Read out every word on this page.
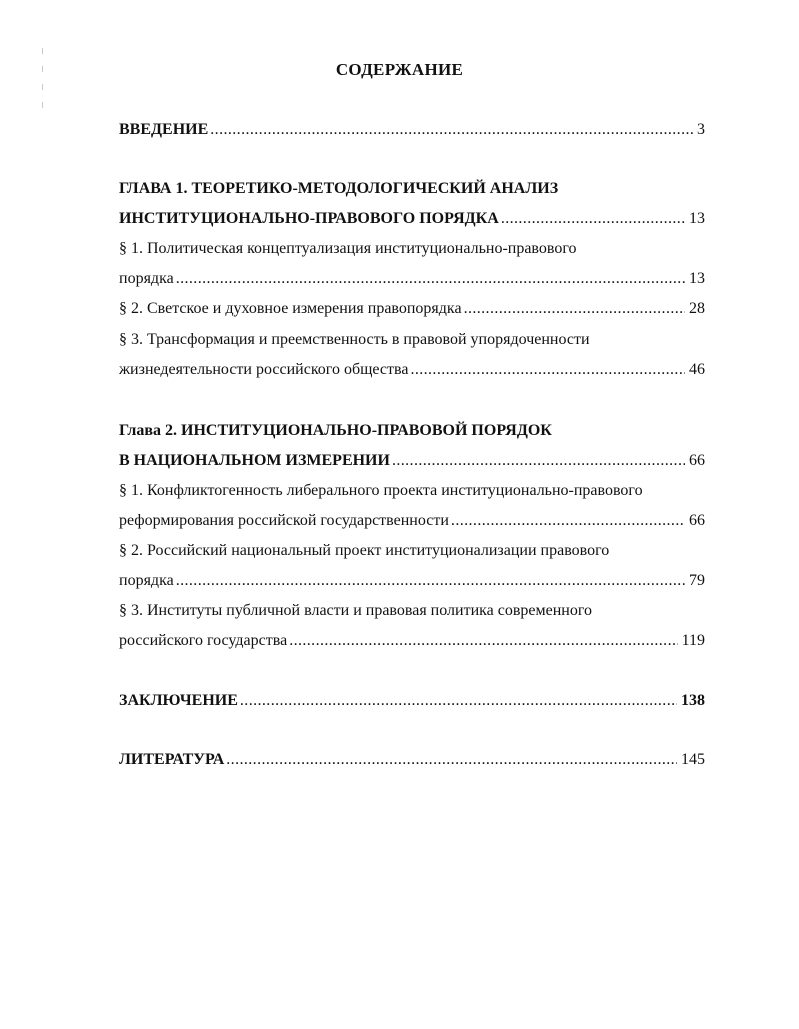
СОДЕРЖАНИЕ
ВВЕДЕНИЕ .....	3
ГЛАВА 1. ТЕОРЕТИКО-МЕТОДОЛОГИЧЕСКИЙ АНАЛИЗ
ИНСТИТУЦИОНАЛЬНО-ПРАВОВОГО ПОРЯДКА .....	13
§ 1. Политическая концептуализация институционально-правового
порядка .....	13
§ 2. Светское и духовное измерения правопорядка .....	28
§ 3. Трансформация и преемственность в правовой упорядоченности
жизнедеятельности российского общества .....	46
Глава 2. ИНСТИТУЦИОНАЛЬНО-ПРАВОВОЙ ПОРЯДОК
В НАЦИОНАЛЬНОМ ИЗМЕРЕНИИ .....	66
§ 1. Конфликтогенность либерального проекта институционально-правового
реформирования российской государственности .....	66
§ 2. Российский национальный проект институционализации правового
порядка .....	79
§ 3. Институты публичной власти и правовая политика современного
российского государства .....	119
ЗАКЛЮЧЕНИЕ .....	138
ЛИТЕРАТУРА .....	145
